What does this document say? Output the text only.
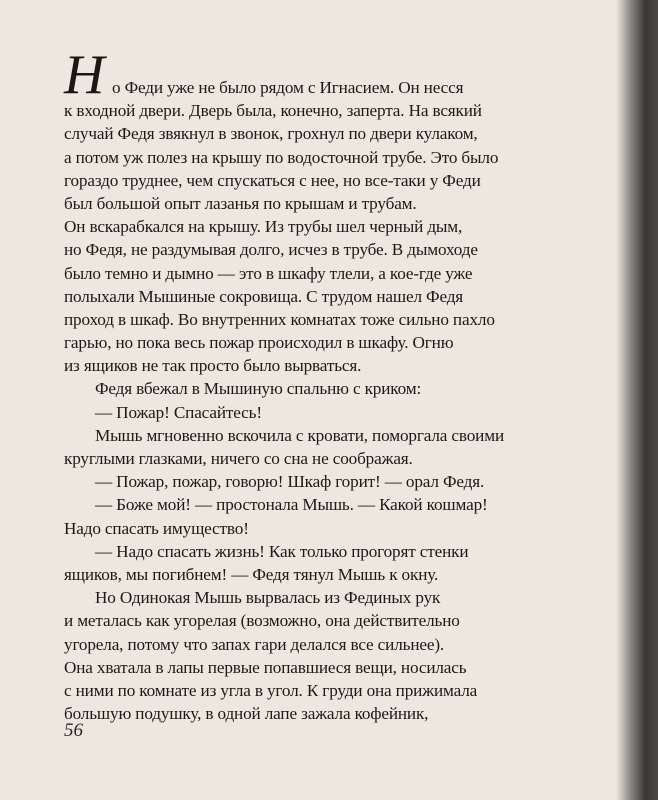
Н о Феди уже не было рядом с Игнасием. Он несся
к входной двери. Дверь была, конечно, заперта. На всякий
случай Федя звякнул в звонок, грохнул по двери кулаком,
а потом уж полез на крышу по водосточной трубе. Это было
гораздо труднее, чем спускаться с нее, но все-таки у Феди
был большой опыт лазанья по крышам и трубам.
Он вскарабкался на крышу. Из трубы шел черный дым,
но Федя, не раздумывая долго, исчез в трубе. В дымоходе
было темно и дымно — это в шкафу тлели, а кое-где уже
полыхали Мышиные сокровища. С трудом нашел Федя
проход в шкаф. Во внутренних комнатах тоже сильно пахло
гарью, но пока весь пожар происходил в шкафу. Огню
из ящиков не так просто было вырваться.
Федя вбежал в Мышиную спальню с криком:
— Пожар! Спасайтесь!
Мышь мгновенно вскочила с кровати, поморгала своими
круглыми глазками, ничего со сна не соображая.
— Пожар, пожар, говорю! Шкаф горит! — орал Федя.
— Боже мой! — простонала Мышь. — Какой кошмар!
Надо спасать имущество!
— Надо спасать жизнь! Как только прогорят стенки
ящиков, мы погибнем! — Федя тянул Мышь к окну.
Но Одинокая Мышь вырвалась из Фединых рук
и металась как угорелая (возможно, она действительно
угорела, потому что запах гари делался все сильнее).
Она хватала в лапы первые попавшиеся вещи, носилась
с ними по комнате из угла в угол. К груди она прижимала
большую подушку, в одной лапе зажала кофейник,
56
